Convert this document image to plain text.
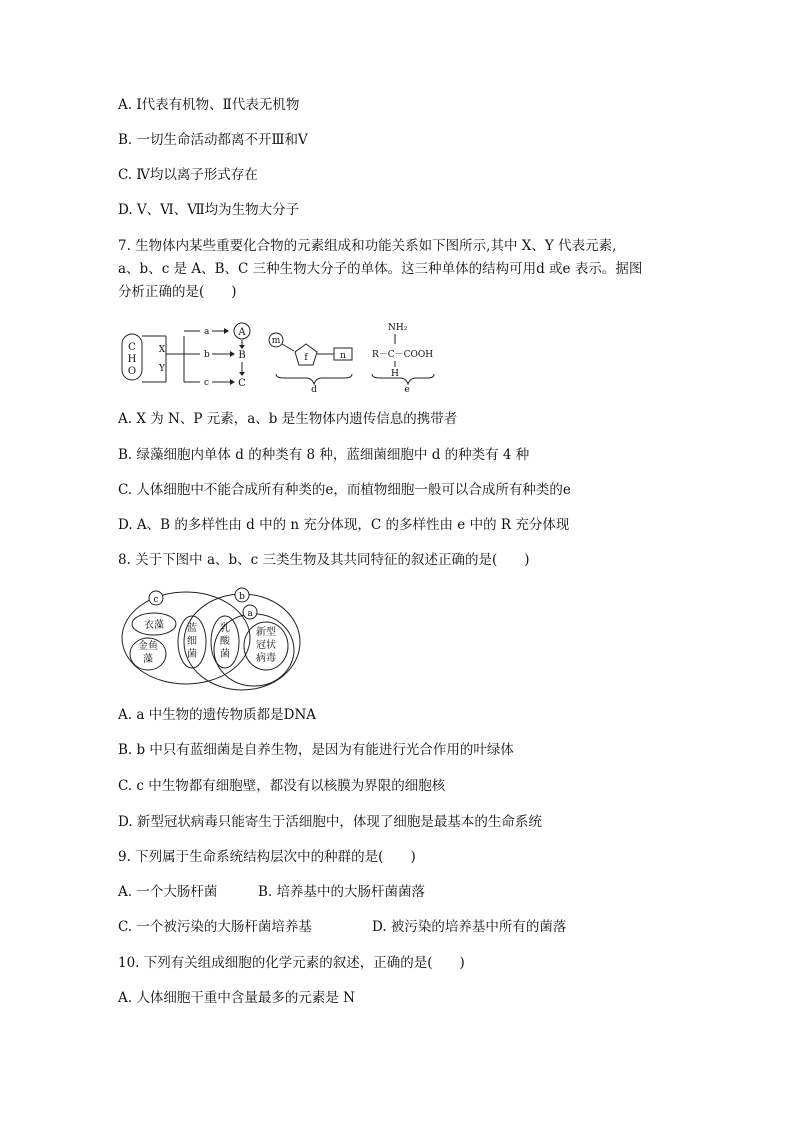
A. Ⅰ代表有机物、Ⅱ代表无机物
B. 一切生命活动都离不开Ⅲ和Ⅴ
C. Ⅳ均以离子形式存在
D. Ⅴ、Ⅵ、Ⅶ均为生物大分子
7. 生物体内某些重要化合物的元素组成和功能关系如下图所示,其中 X、Y 代表元素,
a、b、c 是 A、B、C 三种生物大分子的单体。这三种单体的结构可用d 或e 表示。据图
分析正确的是(　　)
C
H
O
X
Y
a
b
c
A
B
C
m
f	n
d
NH₂
R－C－COOH
H
e
A. X 为 N、P 元素，a、b 是生物体内遗传信息的携带者
B. 绿藻细胞内单体 d 的种类有 8 种，蓝细菌细胞中 d 的种类有 4 种
C. 人体细胞中不能合成所有种类的e，而植物细胞一般可以合成所有种类的e
D. A、B 的多样性由 d 中的 n 充分体现，C 的多样性由 e 中的 R 充分体现
8. 关于下图中 a、b、c 三类生物及其共同特征的叙述正确的是(　　)
c	b
a
衣藻
金鱼藻
蓝细菌
乳酸菌
新型冠状病毒
A. a 中生物的遗传物质都是DNA
B. b 中只有蓝细菌是自养生物，是因为有能进行光合作用的叶绿体
C. c 中生物都有细胞壁，都没有以核膜为界限的细胞核
D. 新型冠状病毒只能寄生于活细胞中，体现了细胞是最基本的生命系统
9. 下列属于生命系统结构层次中的种群的是(　　)
A. 一个大肠杆菌	B. 培养基中的大肠杆菌菌落
C. 一个被污染的大肠杆菌培养基	D. 被污染的培养基中所有的菌落
10. 下列有关组成细胞的化学元素的叙述，正确的是(　　)
A. 人体细胞干重中含量最多的元素是 N
